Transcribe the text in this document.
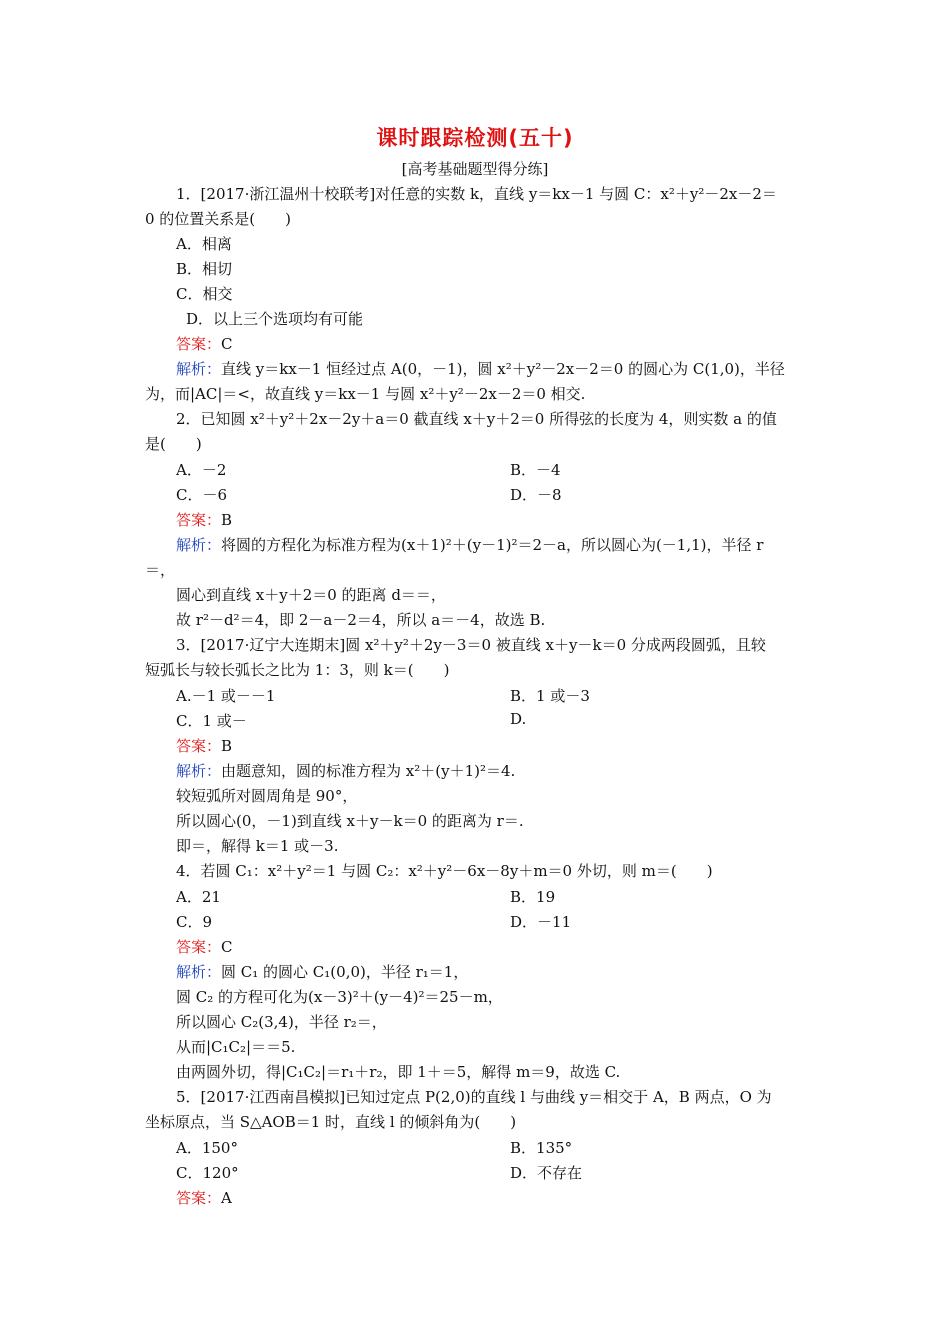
课时跟踪检测(五十)
[高考基础题型得分练]
1．[2017·浙江温州十校联考]对任意的实数 k，直线 y＝kx－1 与圆 C：x²＋y²－2x－2＝
0 的位置关系是(　　)
A．相离
B．相切
C．相交
D．以上三个选项均有可能
答案：C
解析：直线 y＝kx－1 恒经过点 A(0，－1)，圆 x²＋y²－2x－2＝0 的圆心为 C(1,0)，半径
为，而|AC|＝<，故直线 y＝kx－1 与圆 x²＋y²－2x－2＝0 相交.
2．已知圆 x²＋y²＋2x－2y＋a＝0 截直线 x＋y＋2＝0 所得弦的长度为 4，则实数 a 的值
是(　　)
A．－2	B．－4
C．－6	D．－8
答案：B
解析：将圆的方程化为标准方程为(x＋1)²＋(y－1)²＝2－a，所以圆心为(－1,1)，半径 r
＝，
圆心到直线 x＋y＋2＝0 的距离 d＝＝，
故 r²－d²＝4，即 2－a－2＝4，所以 a＝－4，故选 B.
3．[2017·辽宁大连期末]圆 x²＋y²＋2y－3＝0 被直线 x＋y－k＝0 分成两段圆弧，且较
短弧长与较长弧长之比为 1：3，则 k＝(　　)
A.－1 或－－1	B．1 或－3
C．1 或－	D.
答案：B
解析：由题意知，圆的标准方程为 x²＋(y＋1)²＝4.
较短弧所对圆周角是 90°，
所以圆心(0，－1)到直线 x＋y－k＝0 的距离为 r＝.
即＝，解得 k＝1 或－3.
4．若圆 C₁：x²＋y²＝1 与圆 C₂：x²＋y²－6x－8y＋m＝0 外切，则 m＝(　　)
A．21	B．19
C．9	D．－11
答案：C
解析：圆 C₁ 的圆心 C₁(0,0)，半径 r₁＝1，
圆 C₂ 的方程可化为(x－3)²＋(y－4)²＝25－m，
所以圆心 C₂(3,4)，半径 r₂＝，
从而|C₁C₂|＝＝5.
由两圆外切，得|C₁C₂|＝r₁＋r₂，即 1＋＝5，解得 m＝9，故选 C.
5．[2017·江西南昌模拟]已知过定点 P(2,0)的直线 l 与曲线 y＝相交于 A，B 两点，O 为
坐标原点，当 S△AOB＝1 时，直线 l 的倾斜角为(　　)
A．150°	B．135°
C．120°	D．不存在
答案：A
